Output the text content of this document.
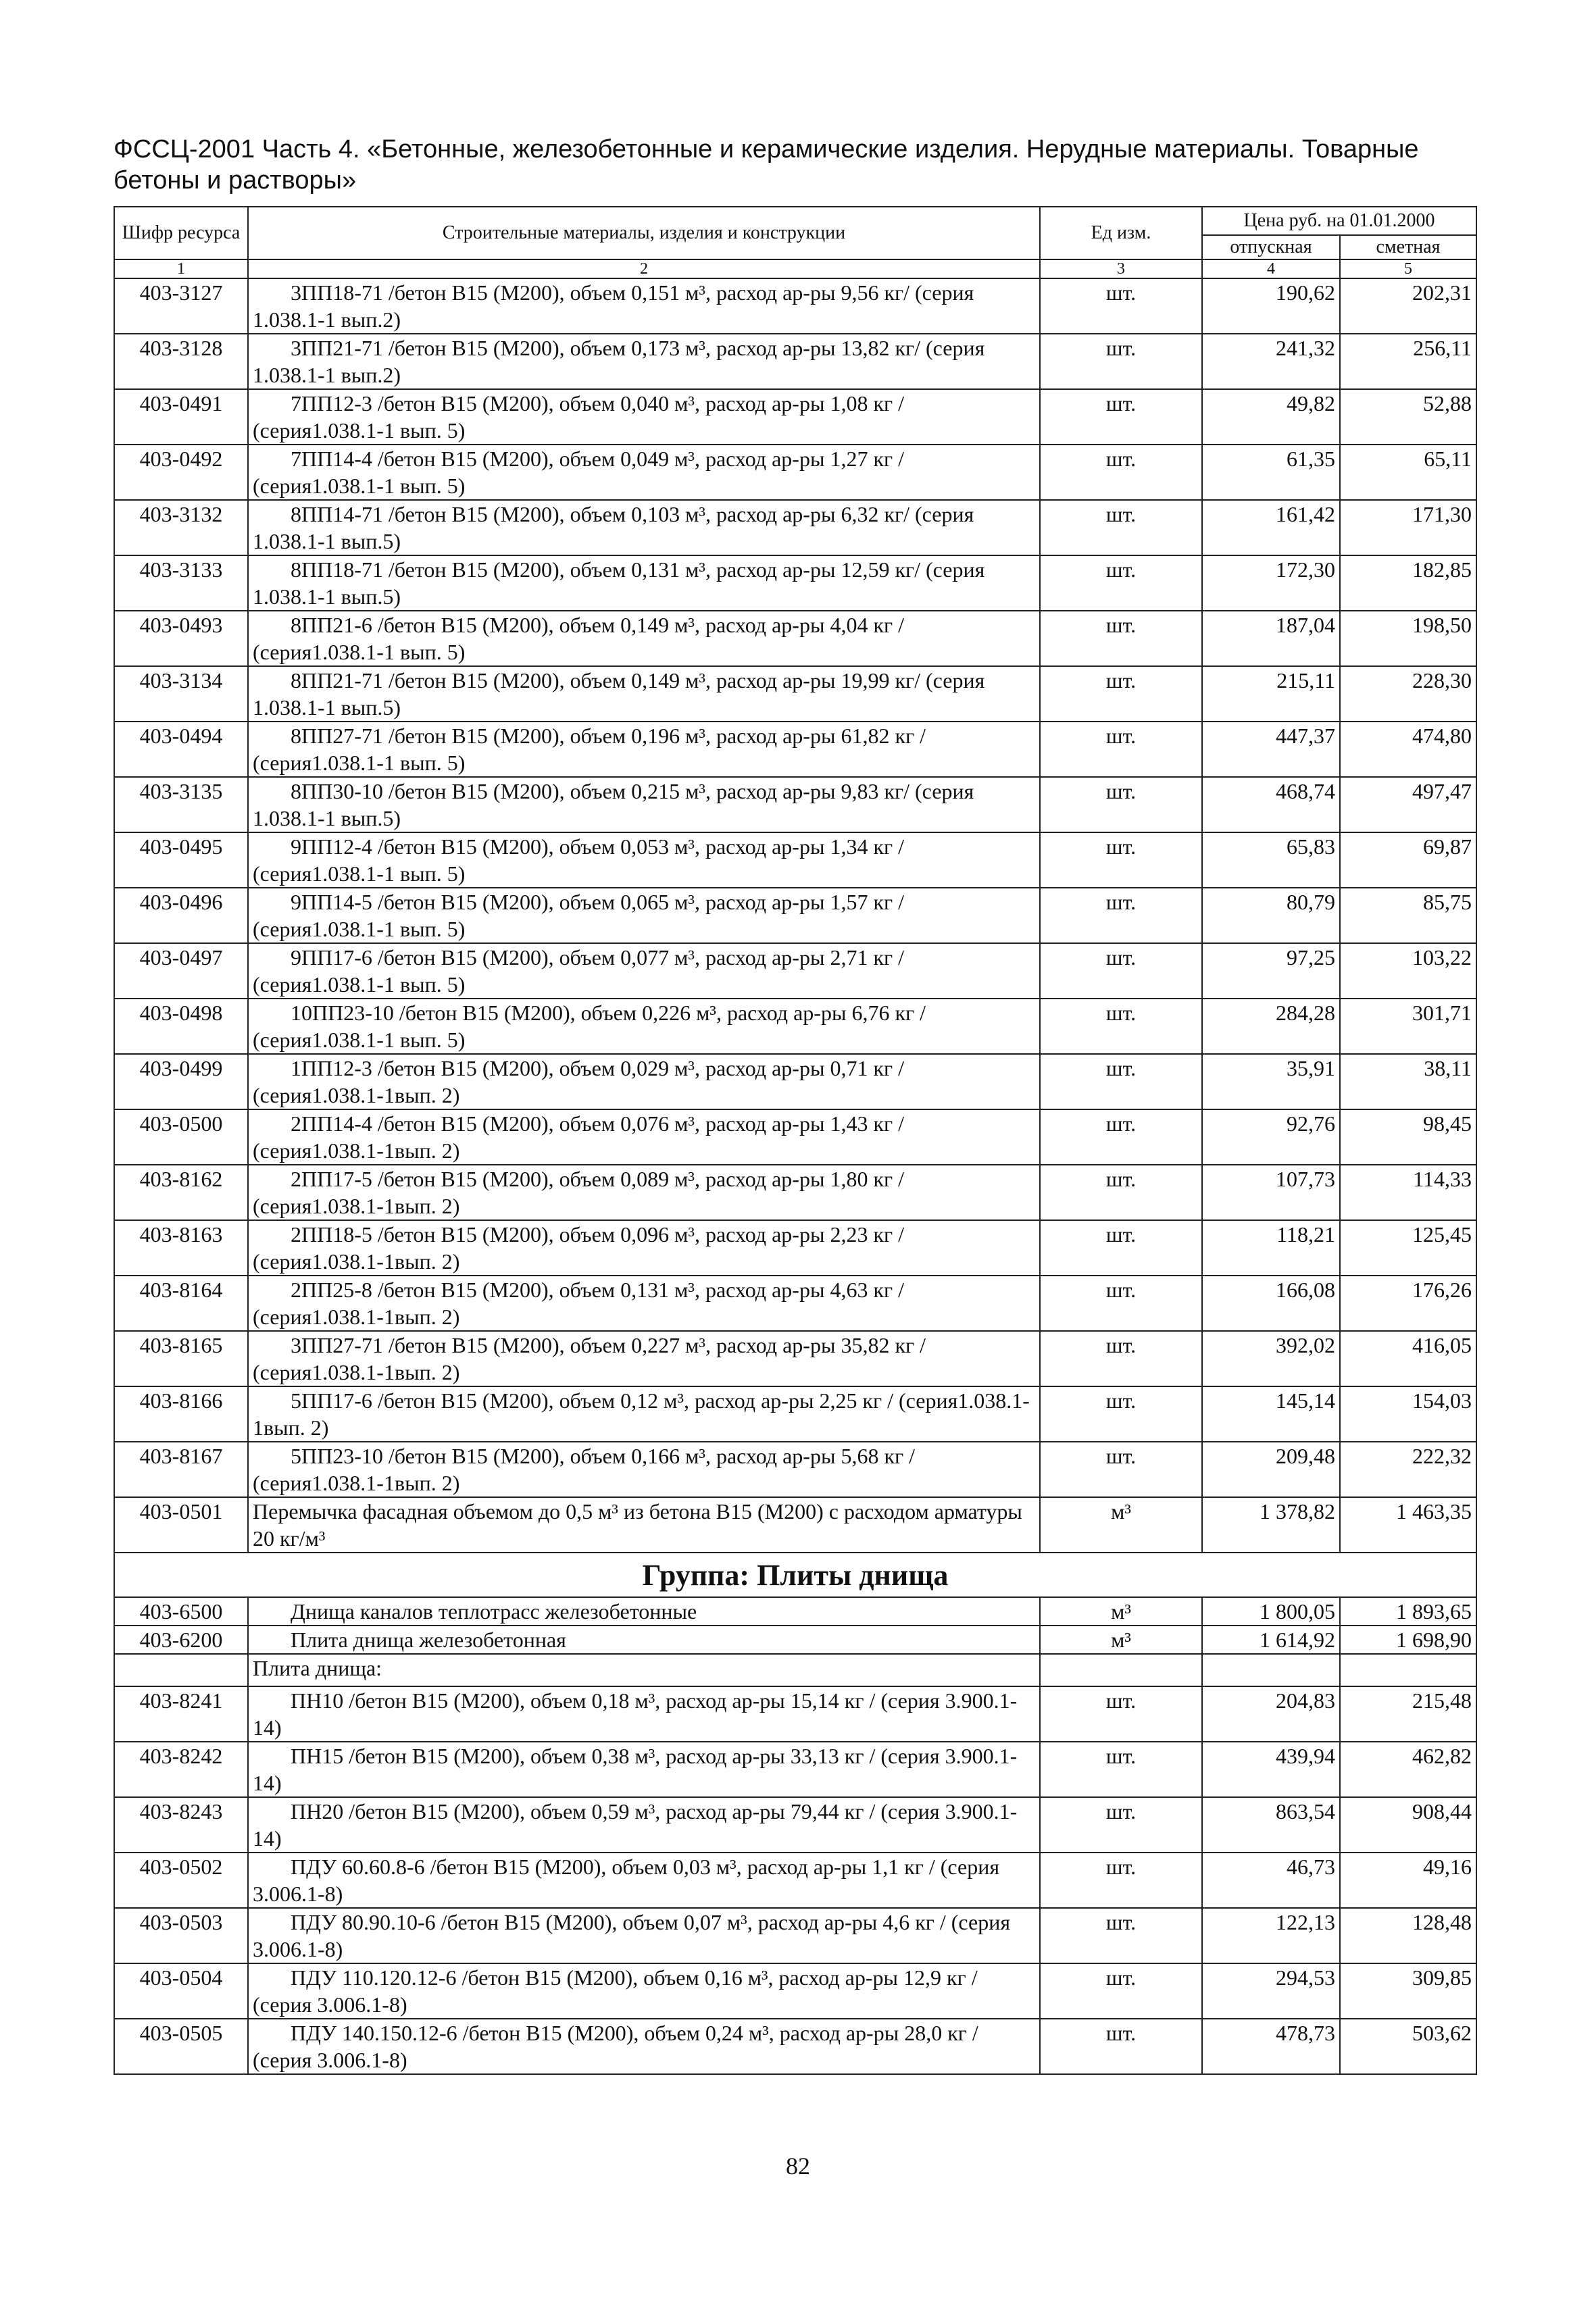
ФССЦ-2001 Часть 4. «Бетонные, железобетонные и керамические изделия. Нерудные материалы. Товарные бетоны и растворы»
Шифр ресурса	Строительные материалы, изделия и конструкции	Ед изм.	Цена руб. на 01.01.2000	
			отпускная	сметная
1	2	3	4	5
403-3127	3ПП18-71 /бетон В15 (М200), объем 0,151 м³, расход ар-ры 9,56 кг/ (серия 1.038.1-1 вып.2)	шт.	190,62	202,31
403-3128	3ПП21-71 /бетон В15 (М200), объем 0,173 м³, расход ар-ры 13,82 кг/ (серия 1.038.1-1 вып.2)	шт.	241,32	256,11
403-0491	7ПП12-3 /бетон В15 (М200), объем 0,040 м³, расход ар-ры 1,08 кг / (серия1.038.1-1 вып. 5)	шт.	49,82	52,88
403-0492	7ПП14-4 /бетон В15 (М200), объем 0,049 м³, расход ар-ры 1,27 кг / (серия1.038.1-1 вып. 5)	шт.	61,35	65,11
403-3132	8ПП14-71 /бетон В15 (М200), объем 0,103 м³, расход ар-ры 6,32 кг/ (серия 1.038.1-1 вып.5)	шт.	161,42	171,30
403-3133	8ПП18-71 /бетон В15 (М200), объем 0,131 м³, расход ар-ры 12,59 кг/ (серия 1.038.1-1 вып.5)	шт.	172,30	182,85
403-0493	8ПП21-6 /бетон В15 (М200), объем 0,149 м³, расход ар-ры 4,04 кг / (серия1.038.1-1 вып. 5)	шт.	187,04	198,50
403-3134	8ПП21-71 /бетон В15 (М200), объем 0,149 м³, расход ар-ры 19,99 кг/ (серия 1.038.1-1 вып.5)	шт.	215,11	228,30
403-0494	8ПП27-71 /бетон В15 (М200), объем 0,196 м³, расход ар-ры 61,82 кг / (серия1.038.1-1 вып. 5)	шт.	447,37	474,80
403-3135	8ПП30-10 /бетон В15 (М200), объем 0,215 м³, расход ар-ры 9,83 кг/ (серия 1.038.1-1 вып.5)	шт.	468,74	497,47
403-0495	9ПП12-4 /бетон В15 (М200), объем 0,053 м³, расход ар-ры 1,34 кг / (серия1.038.1-1 вып. 5)	шт.	65,83	69,87
403-0496	9ПП14-5 /бетон В15 (М200), объем 0,065 м³, расход ар-ры 1,57 кг / (серия1.038.1-1 вып. 5)	шт.	80,79	85,75
403-0497	9ПП17-6 /бетон В15 (М200), объем 0,077 м³, расход ар-ры 2,71 кг / (серия1.038.1-1 вып. 5)	шт.	97,25	103,22
403-0498	10ПП23-10 /бетон В15 (М200), объем 0,226 м³, расход ар-ры 6,76 кг / (серия1.038.1-1 вып. 5)	шт.	284,28	301,71
403-0499	1ПП12-3 /бетон В15 (М200), объем 0,029 м³, расход ар-ры 0,71 кг / (серия1.038.1-1вып. 2)	шт.	35,91	38,11
403-0500	2ПП14-4 /бетон В15 (М200), объем 0,076 м³, расход ар-ры 1,43 кг / (серия1.038.1-1вып. 2)	шт.	92,76	98,45
403-8162	2ПП17-5 /бетон В15 (М200), объем 0,089 м³, расход ар-ры 1,80 кг / (серия1.038.1-1вып. 2)	шт.	107,73	114,33
403-8163	2ПП18-5 /бетон В15 (М200), объем 0,096 м³, расход ар-ры 2,23 кг / (серия1.038.1-1вып. 2)	шт.	118,21	125,45
403-8164	2ПП25-8 /бетон В15 (М200), объем 0,131 м³, расход ар-ры 4,63 кг / (серия1.038.1-1вып. 2)	шт.	166,08	176,26
403-8165	3ПП27-71 /бетон В15 (М200), объем 0,227 м³, расход ар-ры 35,82 кг / (серия1.038.1-1вып. 2)	шт.	392,02	416,05
403-8166	5ПП17-6 /бетон В15 (М200), объем 0,12 м³, расход ар-ры 2,25 кг / (серия1.038.1-1вып. 2)	шт.	145,14	154,03
403-8167	5ПП23-10 /бетон В15 (М200), объем 0,166 м³, расход ар-ры 5,68 кг / (серия1.038.1-1вып. 2)	шт.	209,48	222,32
403-0501	Перемычка фасадная объемом до 0,5 м³ из бетона В15 (М200) с расходом арматуры 20 кг/м³	м³	1 378,82	1 463,35
Группа: Плиты днища				
403-6500	Днища каналов теплотрасс железобетонные	м³	1 800,05	1 893,65
403-6200	Плита днища железобетонная	м³	1 614,92	1 698,90
	Плита днища:			
403-8241	ПН10 /бетон В15 (М200), объем 0,18 м³, расход ар-ры 15,14 кг / (серия 3.900.1-14)	шт.	204,83	215,48
403-8242	ПН15 /бетон В15 (М200), объем 0,38 м³, расход ар-ры 33,13 кг / (серия 3.900.1-14)	шт.	439,94	462,82
403-8243	ПН20 /бетон В15 (М200), объем 0,59 м³, расход ар-ры 79,44 кг / (серия 3.900.1-14)	шт.	863,54	908,44
403-0502	ПДУ 60.60.8-6 /бетон В15 (М200), объем 0,03 м³, расход ар-ры 1,1 кг / (серия 3.006.1-8)	шт.	46,73	49,16
403-0503	ПДУ 80.90.10-6 /бетон В15 (М200), объем 0,07 м³, расход ар-ры 4,6 кг / (серия 3.006.1-8)	шт.	122,13	128,48
403-0504	ПДУ 110.120.12-6 /бетон В15 (М200), объем 0,16 м³, расход ар-ры 12,9 кг / (серия 3.006.1-8)	шт.	294,53	309,85
403-0505	ПДУ 140.150.12-6 /бетон В15 (М200), объем 0,24 м³, расход ар-ры 28,0 кг / (серия 3.006.1-8)	шт.	478,73	503,62
82
